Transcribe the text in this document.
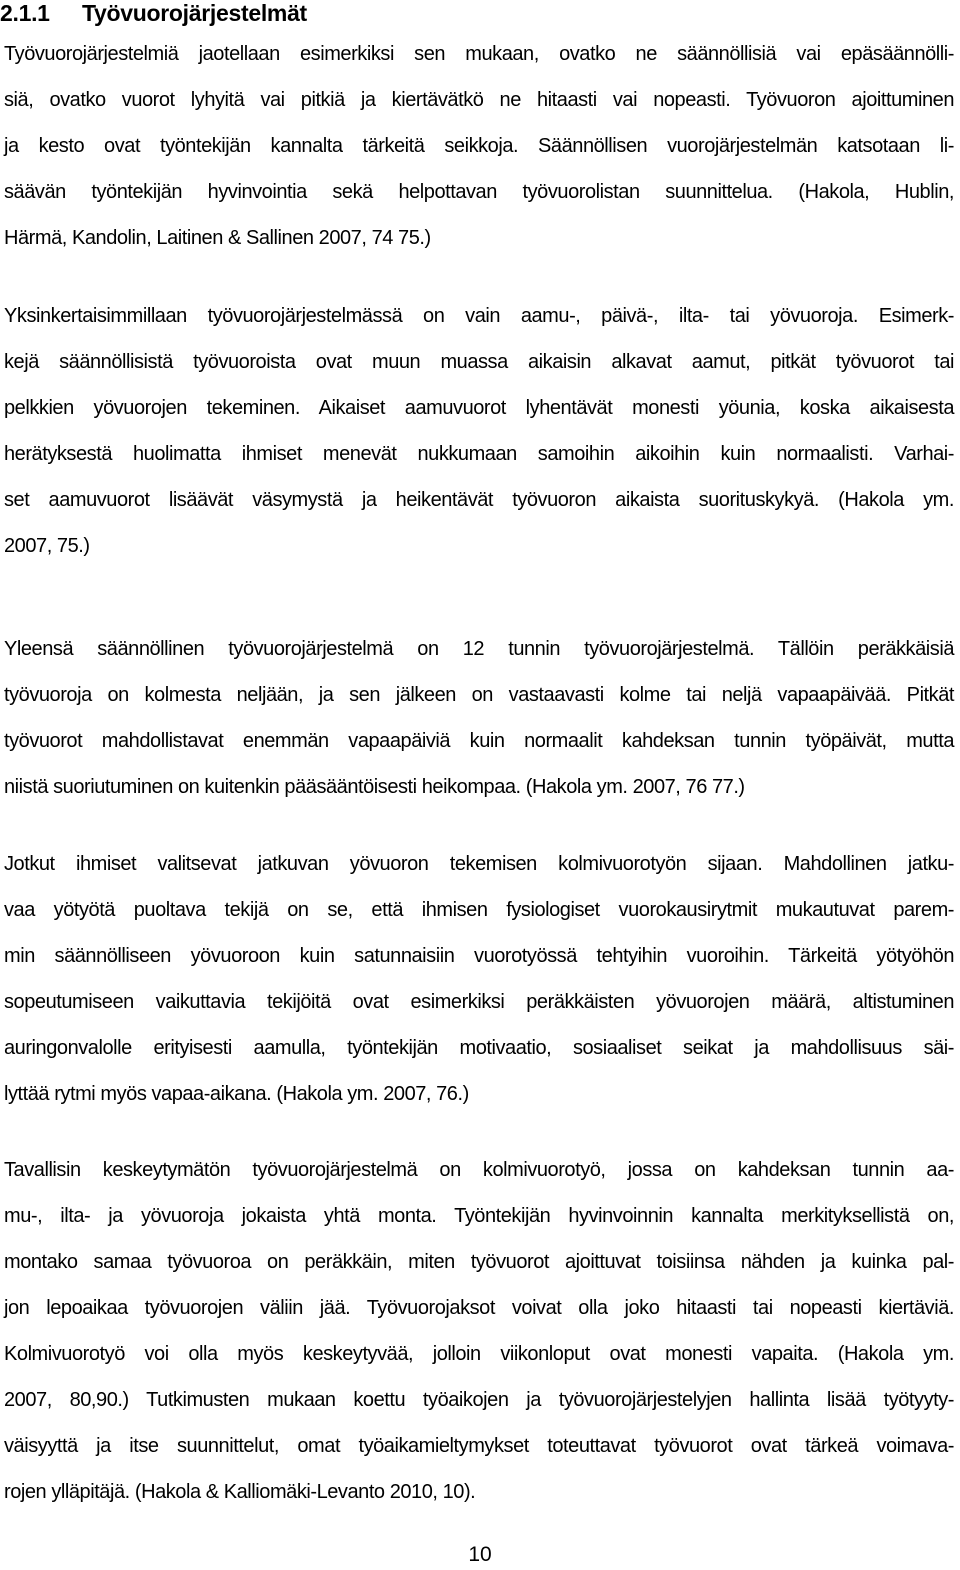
2.1.1 Työvuorojärjestelmät
Työvuorojärjestelmiä jaotellaan esimerkiksi sen mukaan, ovatko ne säännöllisiä vai epäsäännölli-
siä, ovatko vuorot lyhyitä vai pitkiä ja kiertävätkö ne hitaasti vai nopeasti. Työvuoron ajoittuminen
ja kesto ovat työntekijän kannalta tärkeitä seikkoja. Säännöllisen vuorojärjestelmän katsotaan li-
säävän työntekijän hyvinvointia sekä helpottavan työvuorolistan suunnittelua. (Hakola, Hublin,
Härmä, Kandolin, Laitinen & Sallinen 2007, 74 75.)
Yksinkertaisimmillaan työvuorojärjestelmässä on vain aamu-, päivä-, ilta- tai yövuoroja. Esimerk-
kejä säännöllisistä työvuoroista ovat muun muassa aikaisin alkavat aamut, pitkät työvuorot tai
pelkkien yövuorojen tekeminen. Aikaiset aamuvuorot lyhentävät monesti yöunia, koska aikaisesta
herätyksestä huolimatta ihmiset menevät nukkumaan samoihin aikoihin kuin normaalisti. Varhai-
set aamuvuorot lisäävät väsymystä ja heikentävät työvuoron aikaista suorituskykyä. (Hakola ym.
2007, 75.)
Yleensä säännöllinen työvuorojärjestelmä on 12 tunnin työvuorojärjestelmä. Tällöin peräkkäisiä
työvuoroja on kolmesta neljään, ja sen jälkeen on vastaavasti kolme tai neljä vapaapäivää. Pitkät
työvuorot mahdollistavat enemmän vapaapäiviä kuin normaalit kahdeksan tunnin työpäivät, mutta
niistä suoriutuminen on kuitenkin pääsääntöisesti heikompaa. (Hakola ym. 2007, 76 77.)
Jotkut ihmiset valitsevat jatkuvan yövuoron tekemisen kolmivuorotyön sijaan. Mahdollinen jatku-
vaa yötyötä puoltava tekijä on se, että ihmisen fysiologiset vuorokausirytmit mukautuvat parem-
min säännölliseen yövuoroon kuin satunnaisiin vuorotyössä tehtyihin vuoroihin. Tärkeitä yötyöhön
sopeutumiseen vaikuttavia tekijöitä ovat esimerkiksi peräkkäisten yövuorojen määrä, altistuminen
auringonvalolle erityisesti aamulla, työntekijän motivaatio, sosiaaliset seikat ja mahdollisuus säi-
lyttää rytmi myös vapaa-aikana. (Hakola ym. 2007, 76.)
Tavallisin keskeytymätön työvuorojärjestelmä on kolmivuorotyö, jossa on kahdeksan tunnin aa-
mu-, ilta- ja yövuoroja jokaista yhtä monta. Työntekijän hyvinvoinnin kannalta merkityksellistä on,
montako samaa työvuoroa on peräkkäin, miten työvuorot ajoittuvat toisiinsa nähden ja kuinka pal-
jon lepoaikaa työvuorojen väliin jää. Työvuorojaksot voivat olla joko hitaasti tai nopeasti kiertäviä.
Kolmivuorotyö voi olla myös keskeytyvää, jolloin viikonloput ovat monesti vapaita. (Hakola ym.
2007, 80,90.) Tutkimusten mukaan koettu työaikojen ja työvuorojärjestelyjen hallinta lisää työtyyty-
väisyyttä ja itse suunnittelut, omat työaikamieltymykset toteuttavat työvuorot ovat tärkeä voimava-
rojen ylläpitäjä. (Hakola & Kalliomäki-Levanto 2010, 10).
10
